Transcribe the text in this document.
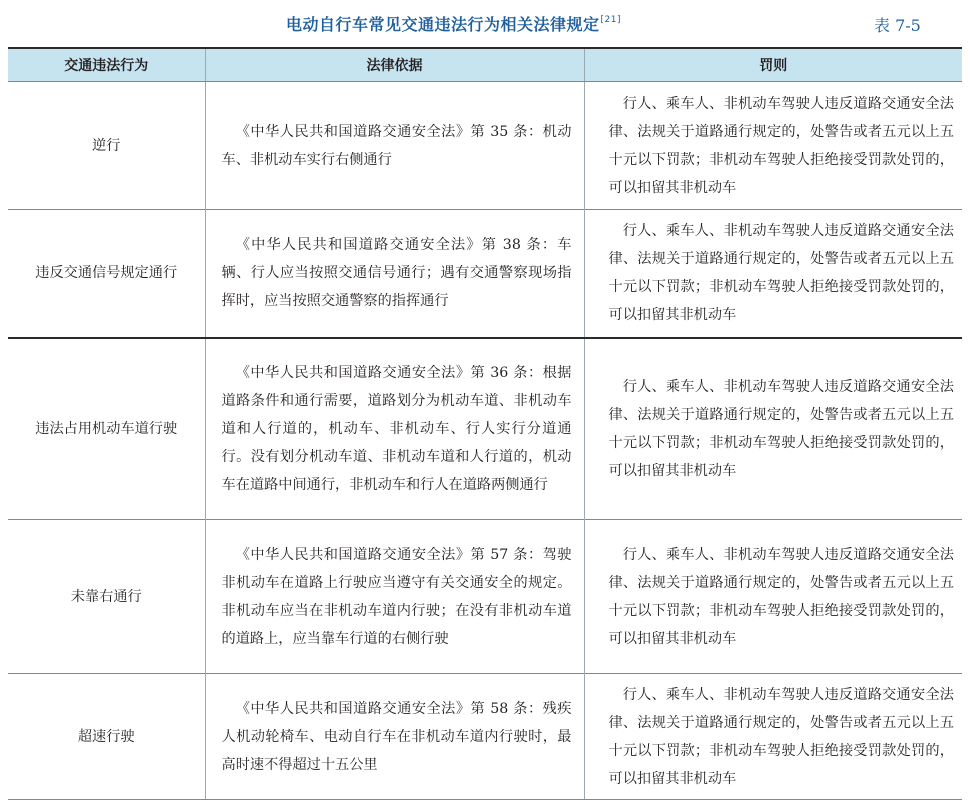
电动自行车常见交通违法行为相关法律规定[21]	表 7-5
交通违法行为	法律依据	罚则
逆行	《中华人民共和国道路交通安全法》第 35 条：机动车、非机动车实行右侧通行	行人、乘车人、非机动车驾驶人违反道路交通安全法律、法规关于道路通行规定的，处警告或者五元以上五十元以下罚款；非机动车驾驶人拒绝接受罚款处罚的，可以扣留其非机动车
违反交通信号规定通行	《中华人民共和国道路交通安全法》第 38 条：车辆、行人应当按照交通信号通行；遇有交通警察现场指挥时，应当按照交通警察的指挥通行	行人、乘车人、非机动车驾驶人违反道路交通安全法律、法规关于道路通行规定的，处警告或者五元以上五十元以下罚款；非机动车驾驶人拒绝接受罚款处罚的，可以扣留其非机动车
违法占用机动车道行驶	《中华人民共和国道路交通安全法》第 36 条：根据道路条件和通行需要，道路划分为机动车道、非机动车道和人行道的，机动车、非机动车、行人实行分道通行。没有划分机动车道、非机动车道和人行道的，机动车在道路中间通行，非机动车和行人在道路两侧通行	行人、乘车人、非机动车驾驶人违反道路交通安全法律、法规关于道路通行规定的，处警告或者五元以上五十元以下罚款；非机动车驾驶人拒绝接受罚款处罚的，可以扣留其非机动车
未靠右通行	《中华人民共和国道路交通安全法》第 57 条：驾驶非机动车在道路上行驶应当遵守有关交通安全的规定。非机动车应当在非机动车道内行驶；在没有非机动车道的道路上，应当靠车行道的右侧行驶	行人、乘车人、非机动车驾驶人违反道路交通安全法律、法规关于道路通行规定的，处警告或者五元以上五十元以下罚款；非机动车驾驶人拒绝接受罚款处罚的，可以扣留其非机动车
超速行驶	《中华人民共和国道路交通安全法》第 58 条：残疾人机动轮椅车、电动自行车在非机动车道内行驶时，最高时速不得超过十五公里	行人、乘车人、非机动车驾驶人违反道路交通安全法律、法规关于道路通行规定的，处警告或者五元以上五十元以下罚款；非机动车驾驶人拒绝接受罚款处罚的，可以扣留其非机动车
